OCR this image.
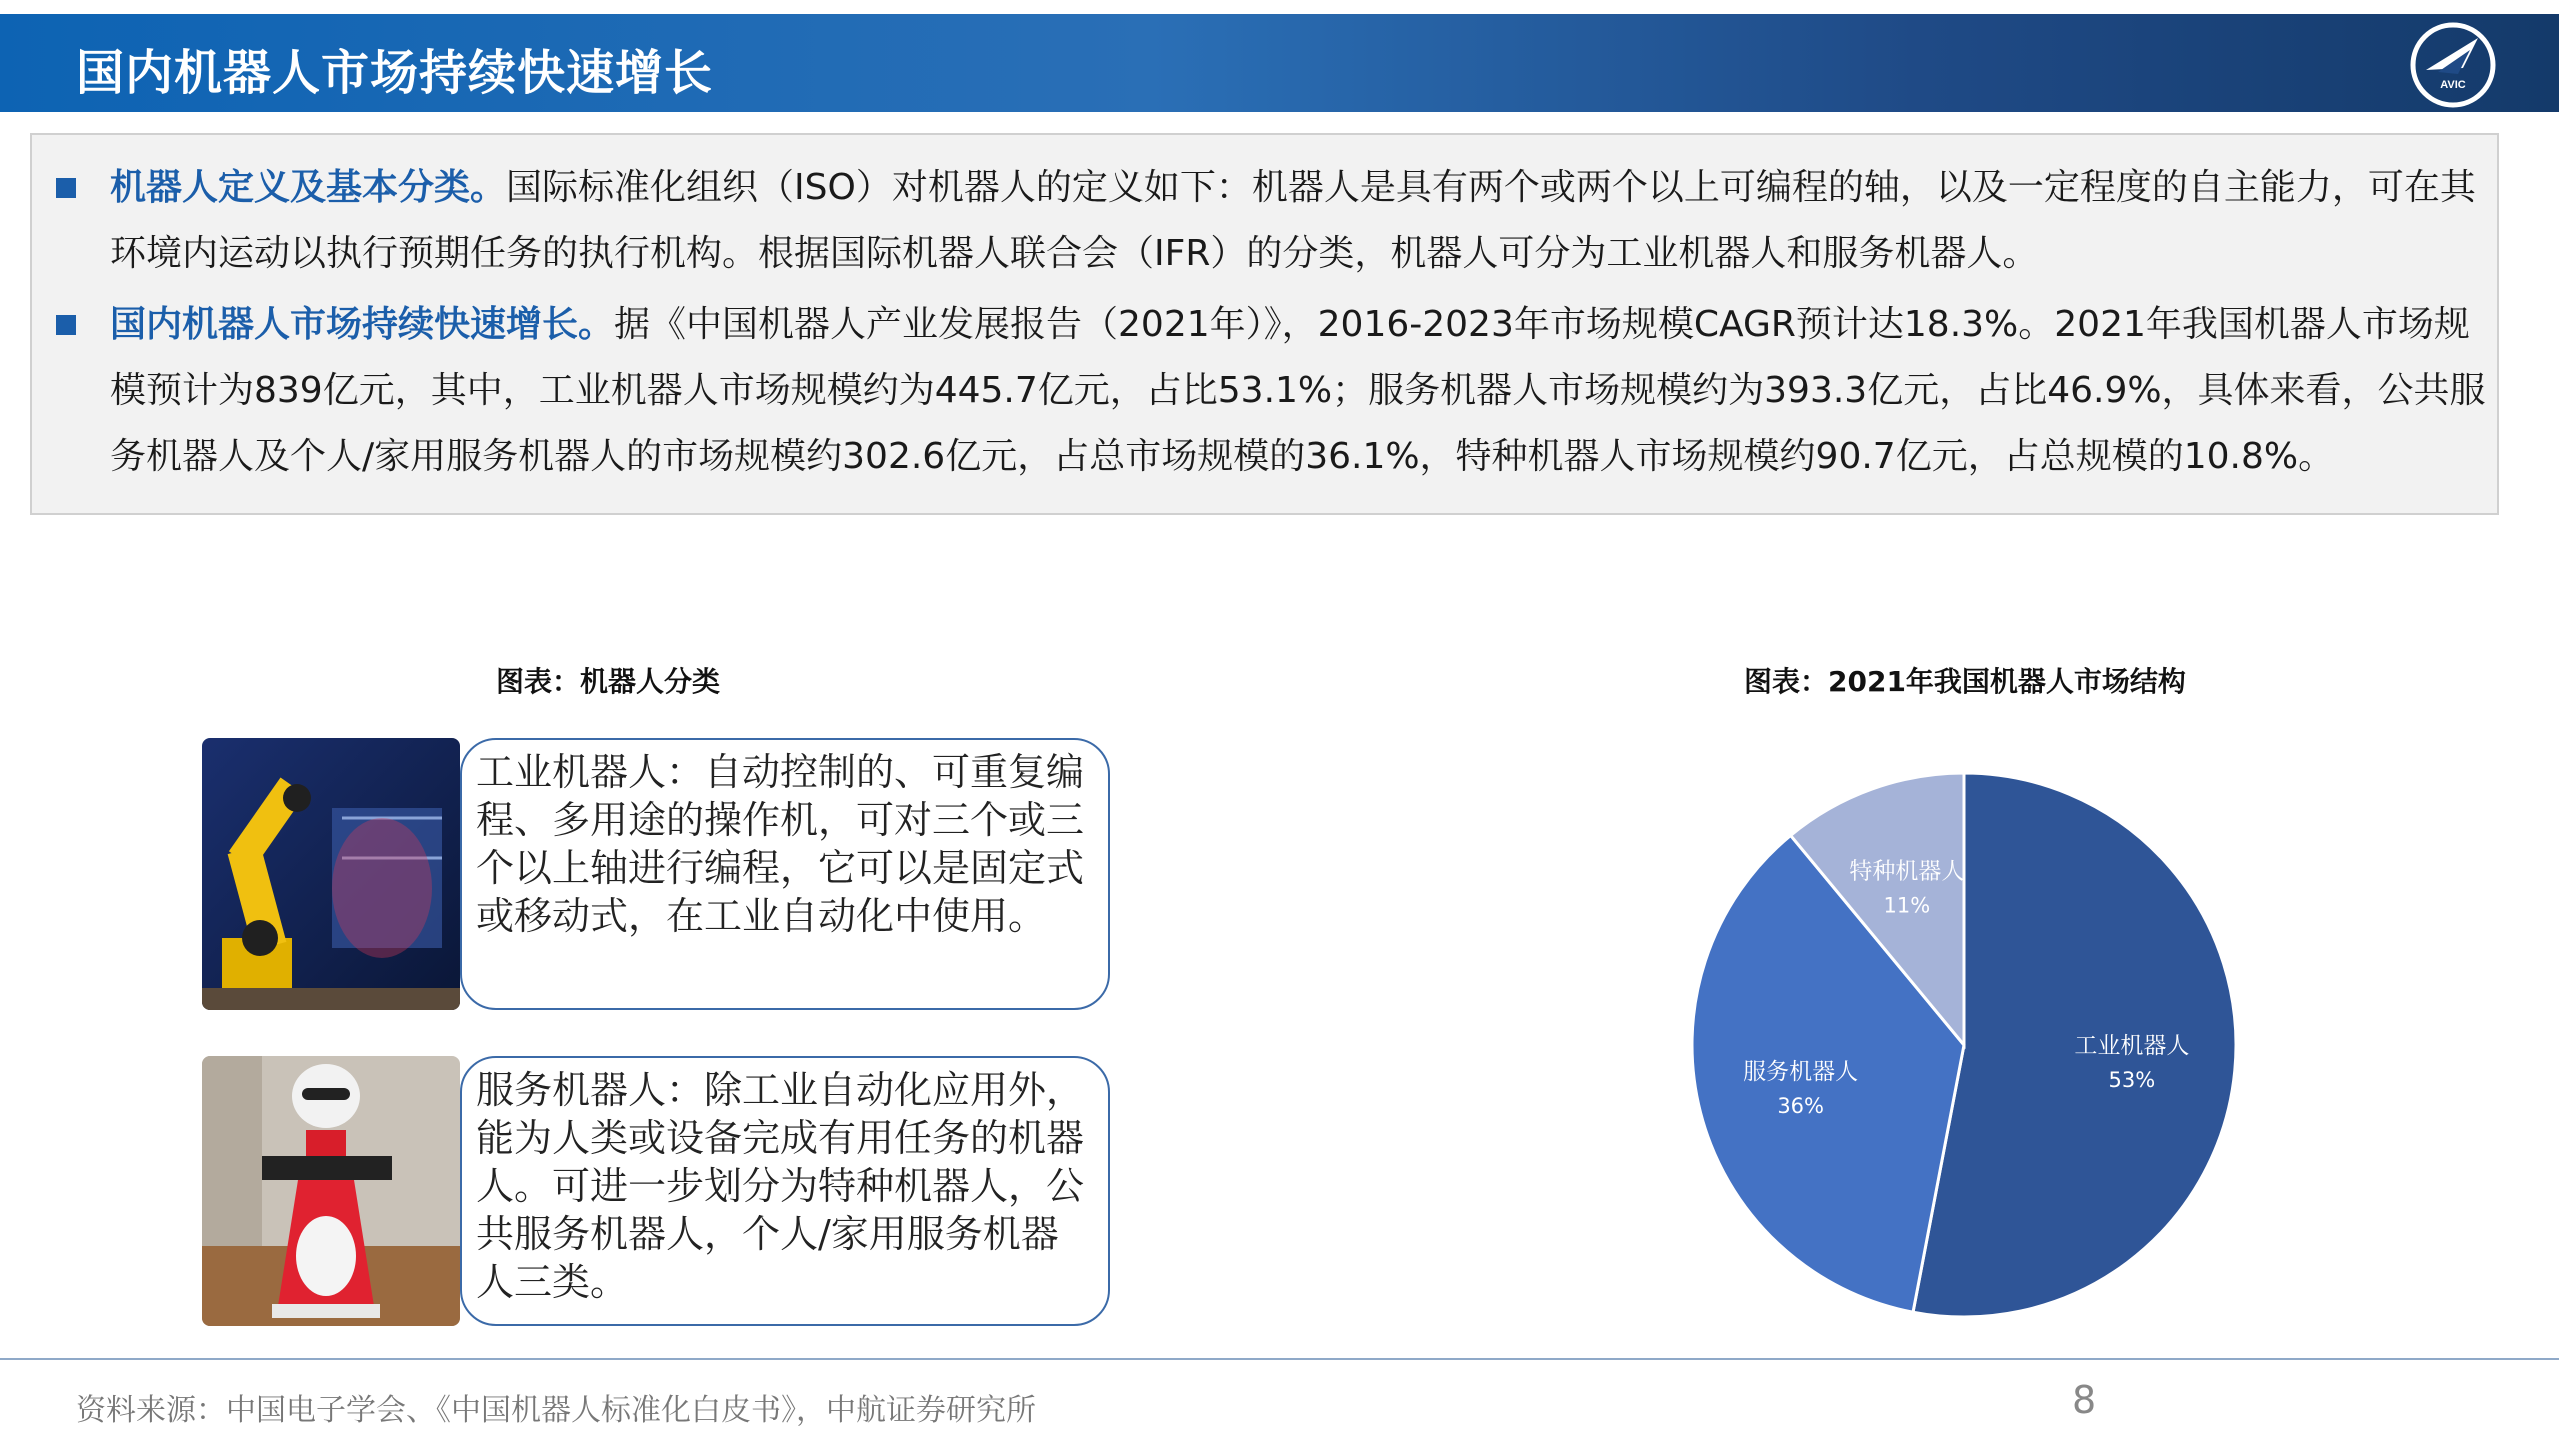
国内机器人市场持续快速增长	AVIC
机器人定义及基本分类。国际标准化组织（ISO）对机器人的定义如下：机器人是具有两个或两个以上可编程的轴，以及一定程度的自主能力，可在其环境内运动以执行预期任务的执行机构。根据国际机器人联合会（IFR）的分类，机器人可分为工业机器人和服务机器人。
国内机器人市场持续快速增长。据《中国机器人产业发展报告（2021年）》，2016-2023年市场规模CAGR预计达18.3%。2021年我国机器人市场规模预计为839亿元，其中，工业机器人市场规模约为445.7亿元，占比53.1%；服务机器人市场规模约为393.3亿元，占比46.9%，具体来看，公共服务机器人及个人/家用服务机器人的市场规模约302.6亿元，占总市场规模的36.1%，特种机器人市场规模约90.7亿元，占总规模的10.8%。
图表：机器人分类
工业机器人：自动控制的、可重复编程、多用途的操作机，可对三个或三个以上轴进行编程，它可以是固定式或移动式，在工业自动化中使用。
服务机器人：除工业自动化应用外，能为人类或设备完成有用任务的机器人。可进一步划分为特种机器人，公共服务机器人，个人/家用服务机器人三类。
图表：2021年我国机器人市场结构
工业机器人
53%
服务机器人
36%
特种机器人
11%
资料来源：中国电子学会、《中国机器人标准化白皮书》，中航证券研究所	8
